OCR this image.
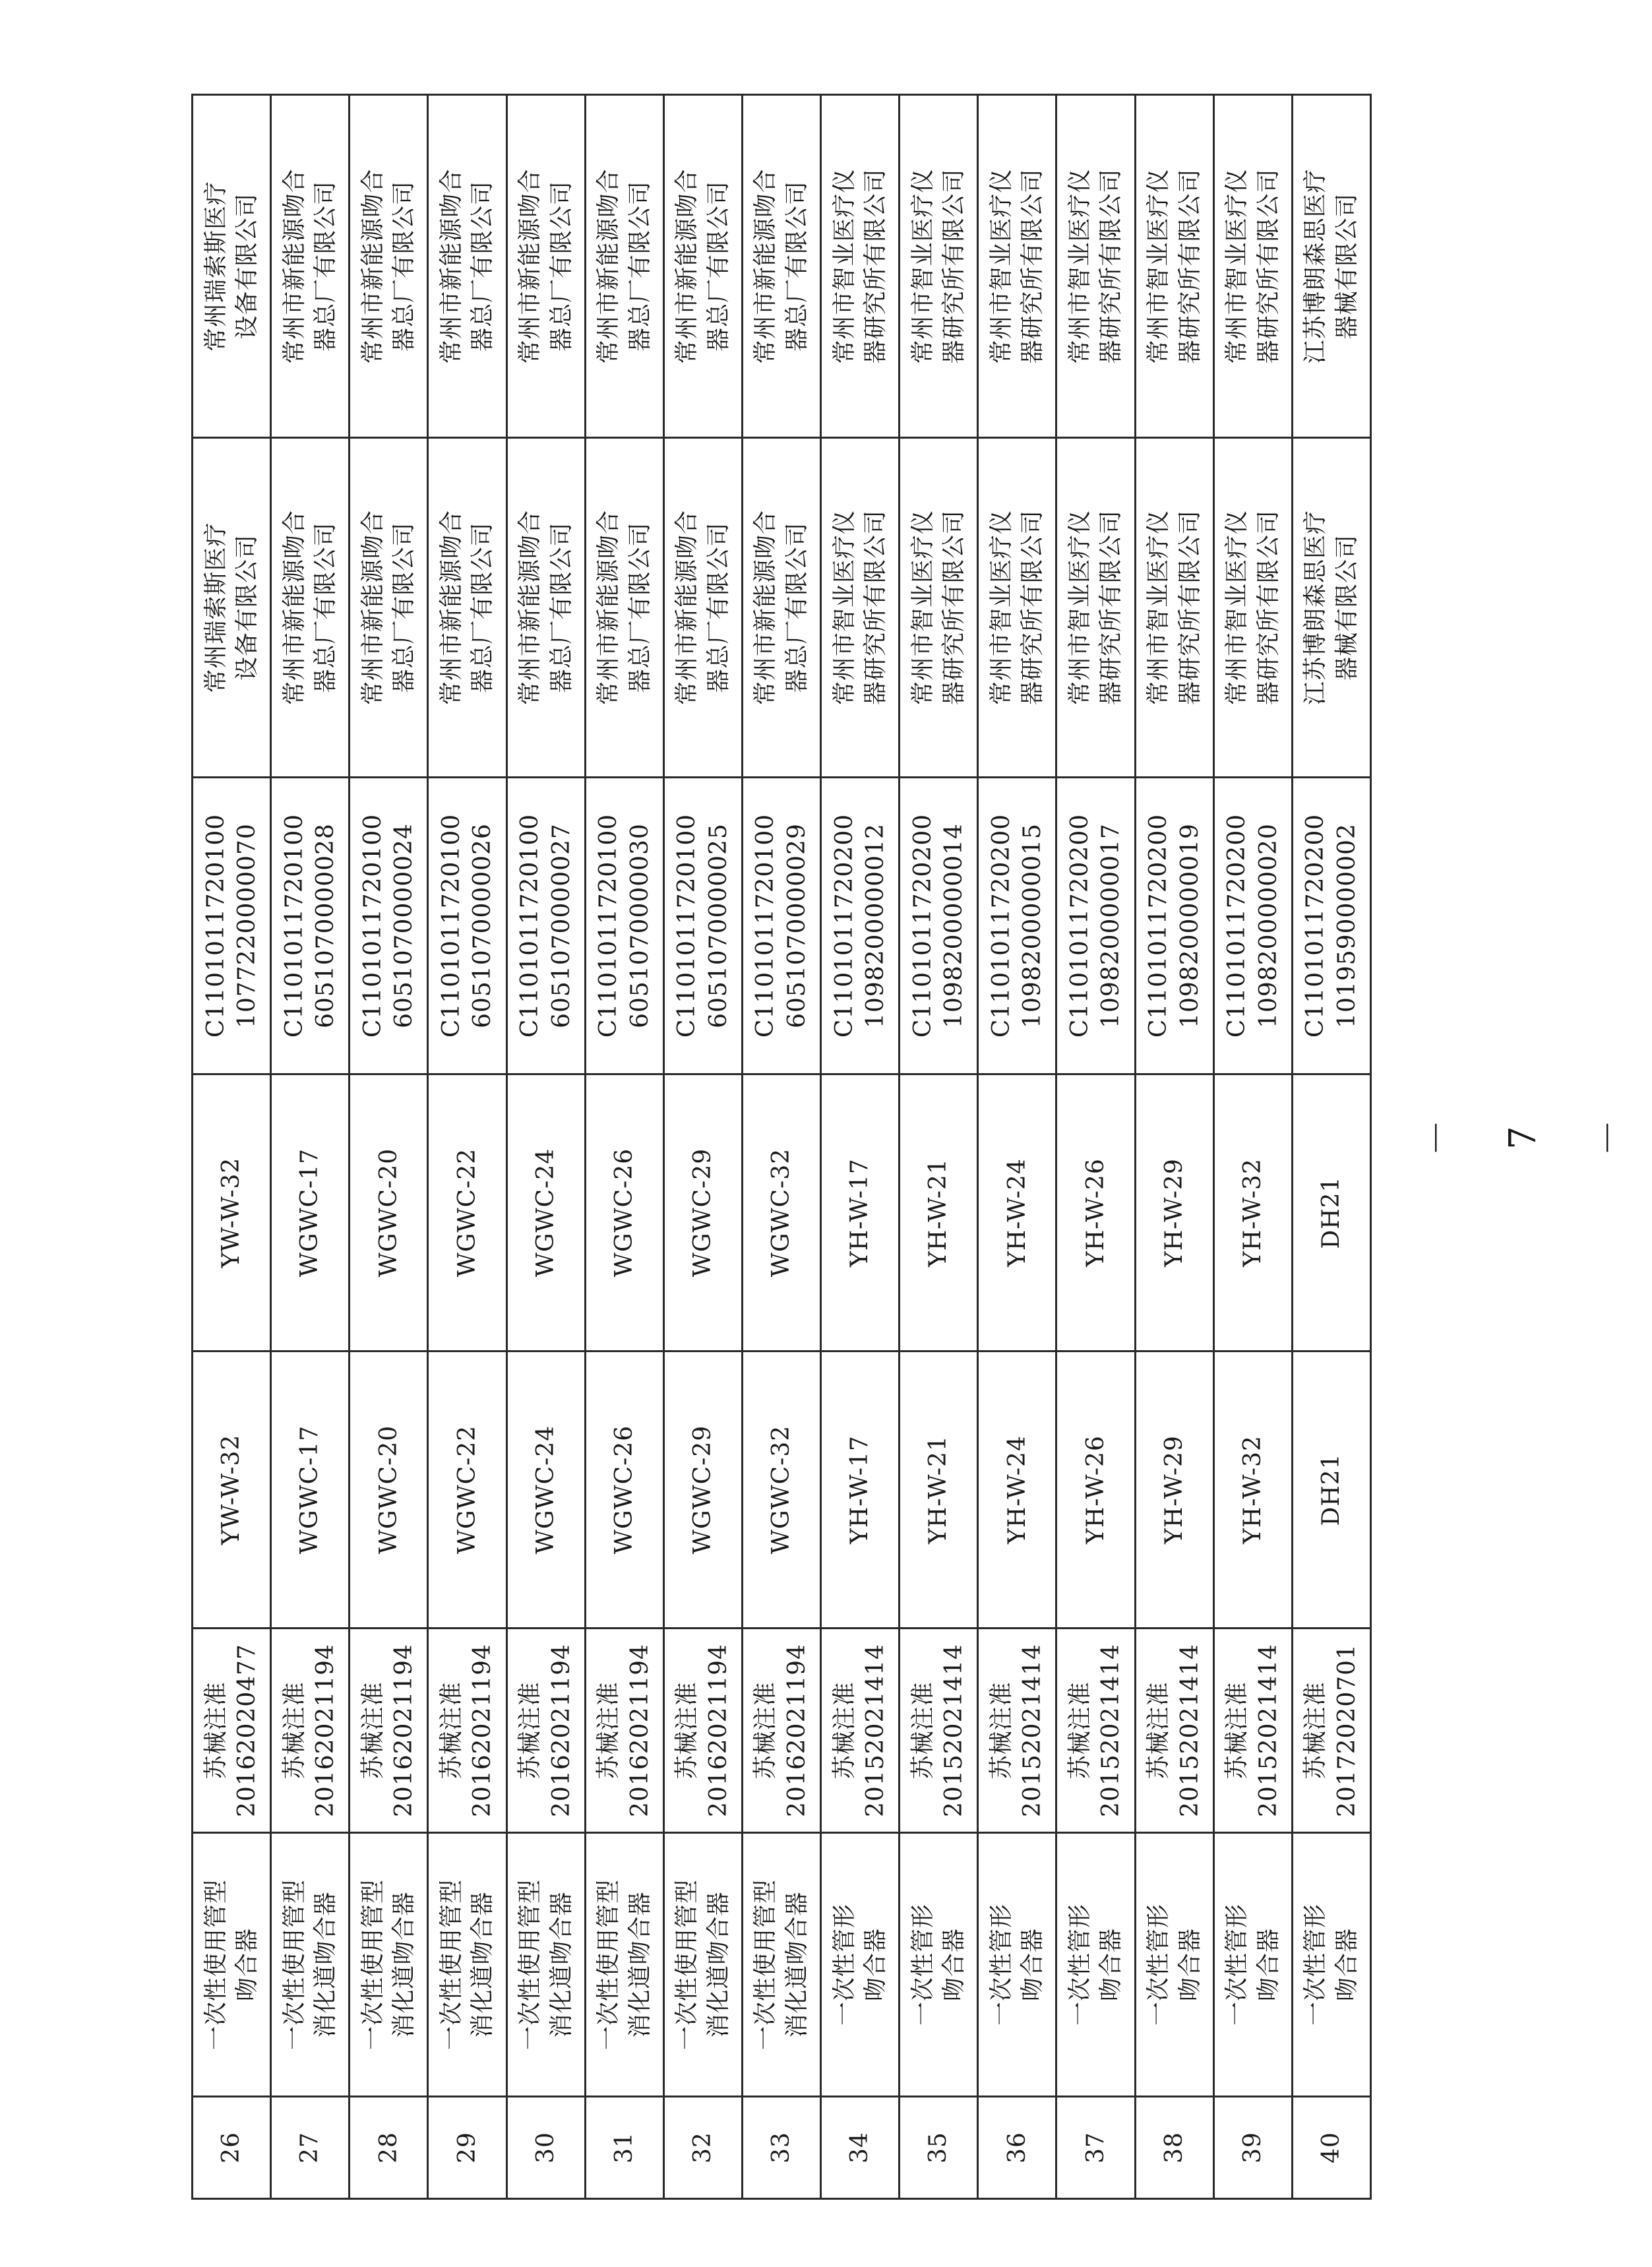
26	一次性使用管型 吻合器	苏械注准 20162020477	YW-W-32	YW-W-32	C1101011720100 1077220000070	常州瑞索斯医疗 设备有限公司	常州瑞索斯医疗 设备有限公司

27	一次性使用管型 消化道吻合器	苏械注准 20162021194	WGWC-17	WGWC-17	C1101011720100 6051070000028	常州市新能源吻合 器总厂有限公司	常州市新能源吻合 器总厂有限公司

28	一次性使用管型 消化道吻合器	苏械注准 20162021194	WGWC-20	WGWC-20	C1101011720100 6051070000024	常州市新能源吻合 器总厂有限公司	常州市新能源吻合 器总厂有限公司

29	一次性使用管型 消化道吻合器	苏械注准 20162021194	WGWC-22	WGWC-22	C1101011720100 6051070000026	常州市新能源吻合 器总厂有限公司	常州市新能源吻合 器总厂有限公司

30	一次性使用管型 消化道吻合器	苏械注准 20162021194	WGWC-24	WGWC-24	C1101011720100 6051070000027	常州市新能源吻合 器总厂有限公司	常州市新能源吻合 器总厂有限公司

31	一次性使用管型 消化道吻合器	苏械注准 20162021194	WGWC-26	WGWC-26	C1101011720100 6051070000030	常州市新能源吻合 器总厂有限公司	常州市新能源吻合 器总厂有限公司

32	一次性使用管型 消化道吻合器	苏械注准 20162021194	WGWC-29	WGWC-29	C1101011720100 6051070000025	常州市新能源吻合 器总厂有限公司	常州市新能源吻合 器总厂有限公司

33	一次性使用管型 消化道吻合器	苏械注准 20162021194	WGWC-32	WGWC-32	C1101011720100 6051070000029	常州市新能源吻合 器总厂有限公司	常州市新能源吻合 器总厂有限公司

34	一次性管形 吻合器	苏械注准 20152021414	YH-W-17	YH-W-17	C1101011720200 1098200000012	常州市智业医疗仪 器研究所有限公司	常州市智业医疗仪 器研究所有限公司

35	一次性管形 吻合器	苏械注准 20152021414	YH-W-21	YH-W-21	C1101011720200 1098200000014	常州市智业医疗仪 器研究所有限公司	常州市智业医疗仪 器研究所有限公司

36	一次性管形 吻合器	苏械注准 20152021414	YH-W-24	YH-W-24	C1101011720200 1098200000015	常州市智业医疗仪 器研究所有限公司	常州市智业医疗仪 器研究所有限公司

37	一次性管形 吻合器	苏械注准 20152021414	YH-W-26	YH-W-26	C1101011720200 1098200000017	常州市智业医疗仪 器研究所有限公司	常州市智业医疗仪 器研究所有限公司

38	一次性管形 吻合器	苏械注准 20152021414	YH-W-29	YH-W-29	C1101011720200 1098200000019	常州市智业医疗仪 器研究所有限公司	常州市智业医疗仪 器研究所有限公司

39	一次性管形 吻合器	苏械注准 20152021414	YH-W-32	YH-W-32	C1101011720200 1098200000020	常州市智业医疗仪 器研究所有限公司	常州市智业医疗仪 器研究所有限公司

40	一次性管形 吻合器	苏械注准 20172020701	DH21	DH21	C1101011720200 1019590000002	江苏博朗森思医疗 器械有限公司	江苏博朗森思医疗 器械有限公司
－ 7 －
